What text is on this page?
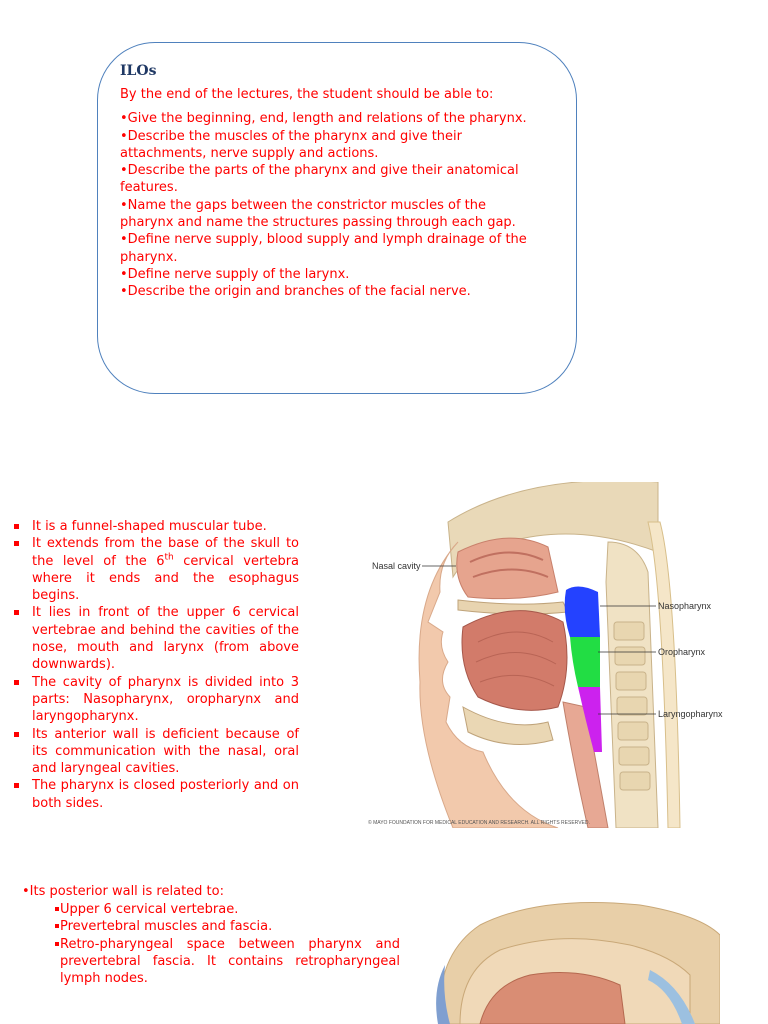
ILOs

By the end of the lectures, the student should be able to:

•Give the beginning, end, length and relations of the pharynx.

•Describe the muscles of the pharynx and give their attachments, nerve supply and actions.

•Describe the parts of the pharynx and give their anatomical features.

•Name the gaps between the constrictor muscles of the pharynx and name the structures passing through each gap.

•Define nerve supply, blood supply and lymph drainage of the pharynx.

•Define nerve supply of the larynx.

•Describe the origin and branches of the facial nerve.

It is a funnel-shaped muscular tube.
It extends from the base of the skull to the level of the 6th cervical vertebra where it ends and the esophagus begins.
It lies in front of the upper 6 cervical vertebrae and behind the cavities of the nose, mouth and larynx (from above downwards).
The cavity of pharynx is divided into 3 parts: Nasopharynx, oropharynx and laryngopharynx.
Its anterior wall is deficient because of its communication with the nasal, oral and laryngeal cavities.
The pharynx is closed posteriorly and on both sides.
Nasal cavity
Nasopharynx
Oropharynx
Laryngopharynx
© MAYO FOUNDATION FOR MEDICAL EDUCATION AND RESEARCH. ALL RIGHTS RESERVED.
•Its posterior wall is related to:
Upper 6 cervical vertebrae.
Prevertebral muscles and fascia.
Retro-pharyngeal space between pharynx and prevertebral fascia. It contains retropharyngeal lymph nodes.
